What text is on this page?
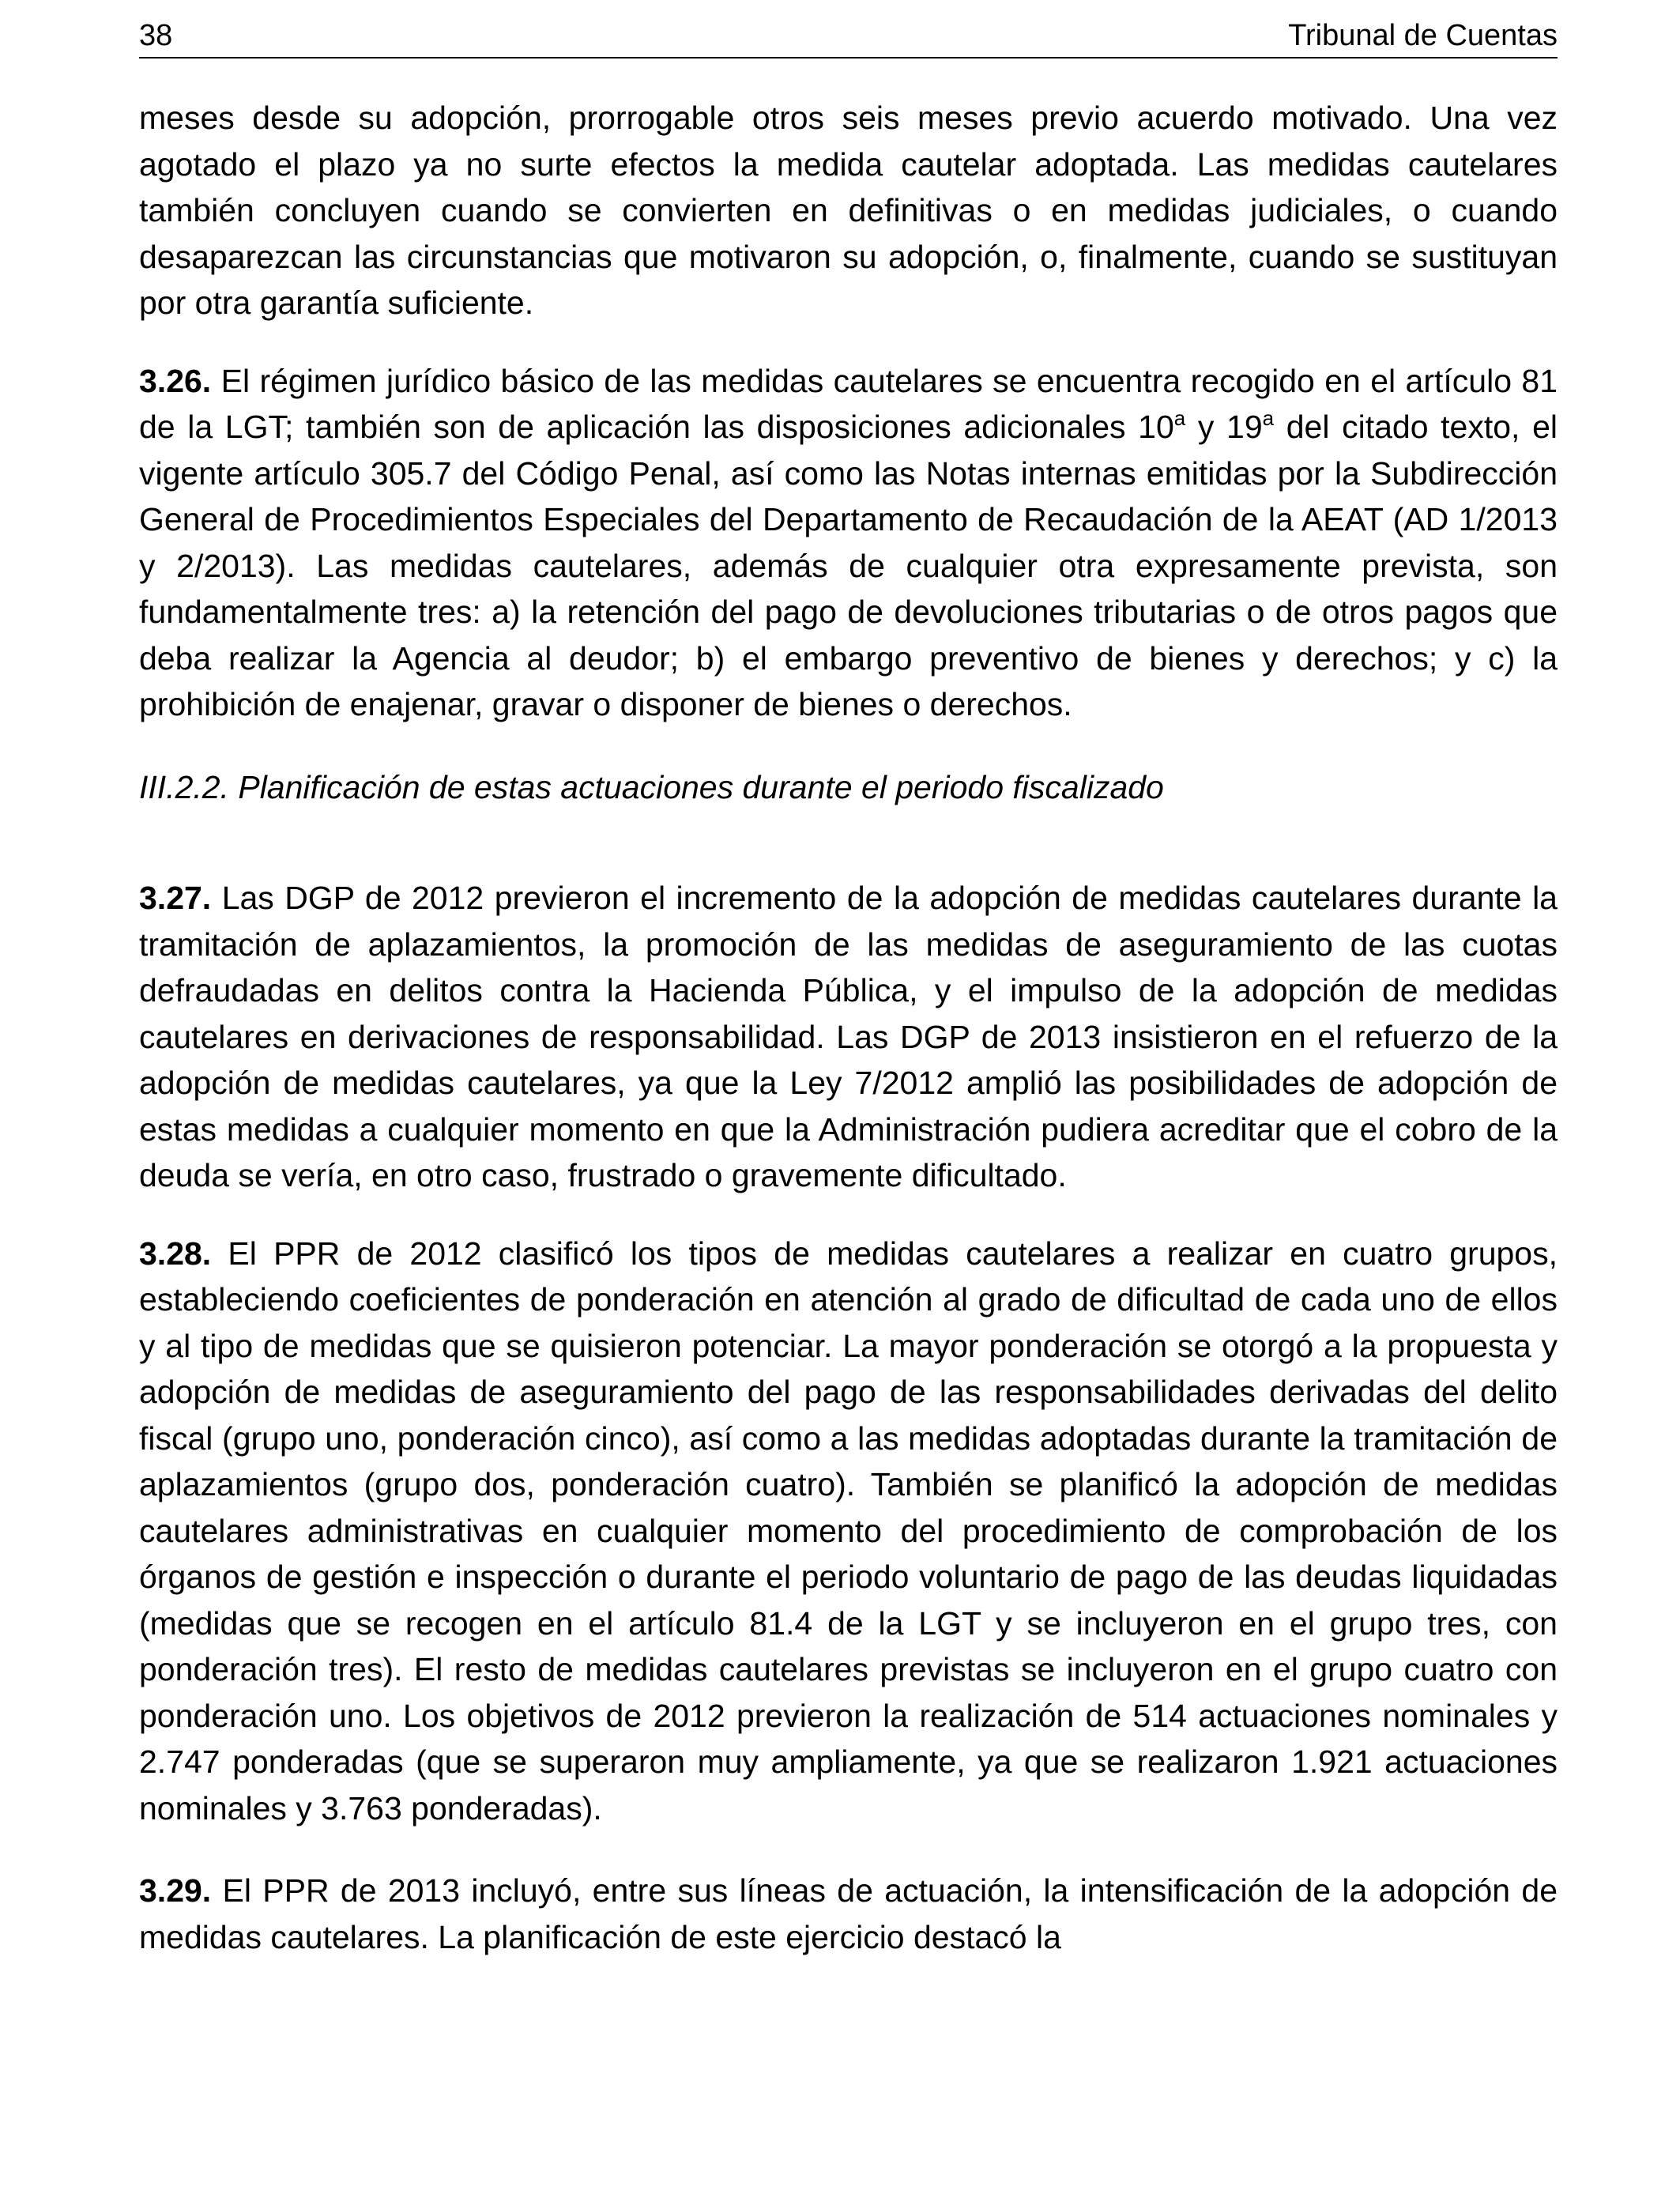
38	Tribunal de Cuentas

meses desde su adopción, prorrogable otros seis meses previo acuerdo motivado. Una vez agotado el plazo ya no surte efectos la medida cautelar adoptada. Las medidas cautelares también concluyen cuando se convierten en definitivas o en medidas judiciales, o cuando desaparezcan las circunstancias que motivaron su adopción, o, finalmente, cuando se sustituyan por otra garantía suficiente.

3.26. El régimen jurídico básico de las medidas cautelares se encuentra recogido en el artículo 81 de la LGT; también son de aplicación las disposiciones adicionales 10$^a$ y 19$^a$ del citado texto, el vigente artículo 305.7 del Código Penal, así como las Notas internas emitidas por la Subdirección General de Procedimientos Especiales del Departamento de Recaudación de la AEAT (AD 1/2013 y 2/2013). Las medidas cautelares, además de cualquier otra expresamente prevista, son fundamentalmente tres: a) la retención del pago de devoluciones tributarias o de otros pagos que deba realizar la Agencia al deudor; b) el embargo preventivo de bienes y derechos; y c) la prohibición de enajenar, gravar o disponer de bienes o derechos.

III.2.2. Planificación de estas actuaciones durante el periodo fiscalizado

3.27. Las DGP de 2012 previeron el incremento de la adopción de medidas cautelares durante la tramitación de aplazamientos, la promoción de las medidas de aseguramiento de las cuotas defraudadas en delitos contra la Hacienda Pública, y el impulso de la adopción de medidas cautelares en derivaciones de responsabilidad. Las DGP de 2013 insistieron en el refuerzo de la adopción de medidas cautelares, ya que la Ley 7/2012 amplió las posibilidades de adopción de estas medidas a cualquier momento en que la Administración pudiera acreditar que el cobro de la deuda se vería, en otro caso, frustrado o gravemente dificultado.

3.28. El PPR de 2012 clasificó los tipos de medidas cautelares a realizar en cuatro grupos, estableciendo coeficientes de ponderación en atención al grado de dificultad de cada uno de ellos y al tipo de medidas que se quisieron potenciar. La mayor ponderación se otorgó a la propuesta y adopción de medidas de aseguramiento del pago de las responsabilidades derivadas del delito fiscal (grupo uno, ponderación cinco), así como a las medidas adoptadas durante la tramitación de aplazamientos (grupo dos, ponderación cuatro). También se planificó la adopción de medidas cautelares administrativas en cualquier momento del procedimiento de comprobación de los órganos de gestión e inspección o durante el periodo voluntario de pago de las deudas liquidadas (medidas que se recogen en el artículo 81.4 de la LGT y se incluyeron en el grupo tres, con ponderación tres). El resto de medidas cautelares previstas se incluyeron en el grupo cuatro con ponderación uno. Los objetivos de 2012 previeron la realización de 514 actuaciones nominales y 2.747 ponderadas (que se superaron muy ampliamente, ya que se realizaron 1.921 actuaciones nominales y 3.763 ponderadas).

3.29. El PPR de 2013 incluyó, entre sus líneas de actuación, la intensificación de la adopción de medidas cautelares. La planificación de este ejercicio destacó la
